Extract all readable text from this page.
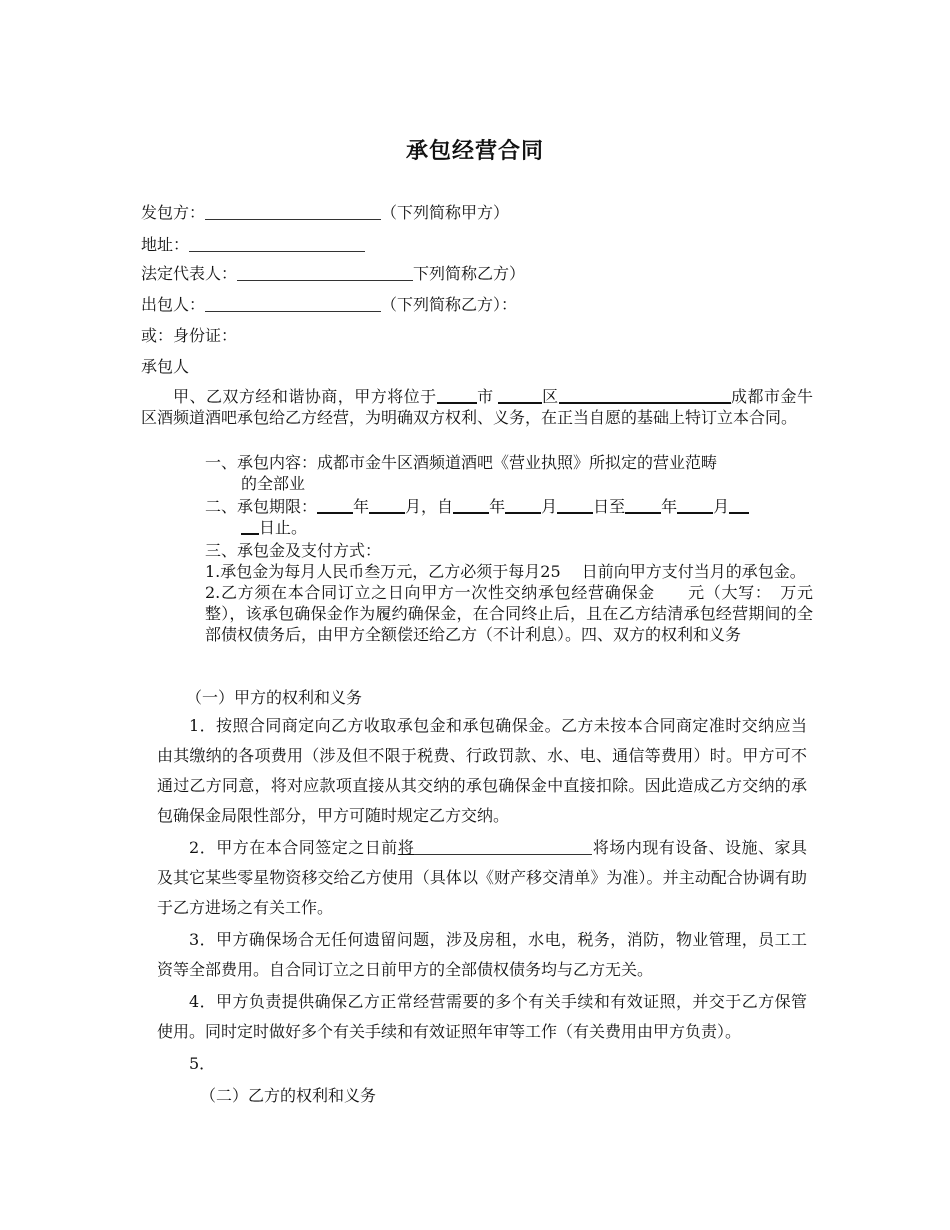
承包经营合同
发包方：	（下列简称甲方）
地址：
法定代表人：	下列简称乙方）
出包人：	（下列简称乙方）：
或：身份证：
承包人

甲、乙双方经和谐协商，甲方将位于	市	区	成都市金牛区酒频道酒吧承包给乙方经营，为明确双方权利、义务，在正当自愿的基础上特订立本合同。

一、承包内容：成都市金牛区酒频道酒吧《营业执照》所拟定的营业范畴

的全部业

二、承包期限： 年 月，自 年 月 日至 年 月

日止。

三、承包金及支付方式：

1.承包金为每月人民币叁万元，乙方必须于每月25　 日前向甲方支付当月的承包金。

2.乙方须在本合同订立之日向甲方一次性交纳承包经营确保金　　元（大写：　万元整），该承包确保金作为履约确保金，在合同终止后，且在乙方结清承包经营期间的全部债权债务后，由甲方全额偿还给乙方（不计利息）。四、双方的权利和义务

（一）甲方的权利和义务

1．按照合同商定向乙方收取承包金和承包确保金。乙方未按本合同商定准时交纳应当由其缴纳的各项费用（涉及但不限于税费、行政罚款、水、电、通信等费用）时。甲方可不通过乙方同意，将对应款项直接从其交纳的承包确保金中直接扣除。因此造成乙方交纳的承包确保金局限性部分，甲方可随时规定乙方交纳。

2．甲方在本合同签定之日前将	将场内现有设备、设施、家具及其它某些零星物资移交给乙方使用（具体以《财产移交清单》为准）。并主动配合协调有助于乙方进场之有关工作。

3．甲方确保场合无任何遗留问题，涉及房租，水电，税务，消防，物业管理，员工工资等全部费用。自合同订立之日前甲方的全部债权债务均与乙方无关。

4．甲方负责提供确保乙方正常经营需要的多个有关手续和有效证照，并交于乙方保管使用。同时定时做好多个有关手续和有效证照年审等工作（有关费用由甲方负责）。

5．

（二）乙方的权利和义务
